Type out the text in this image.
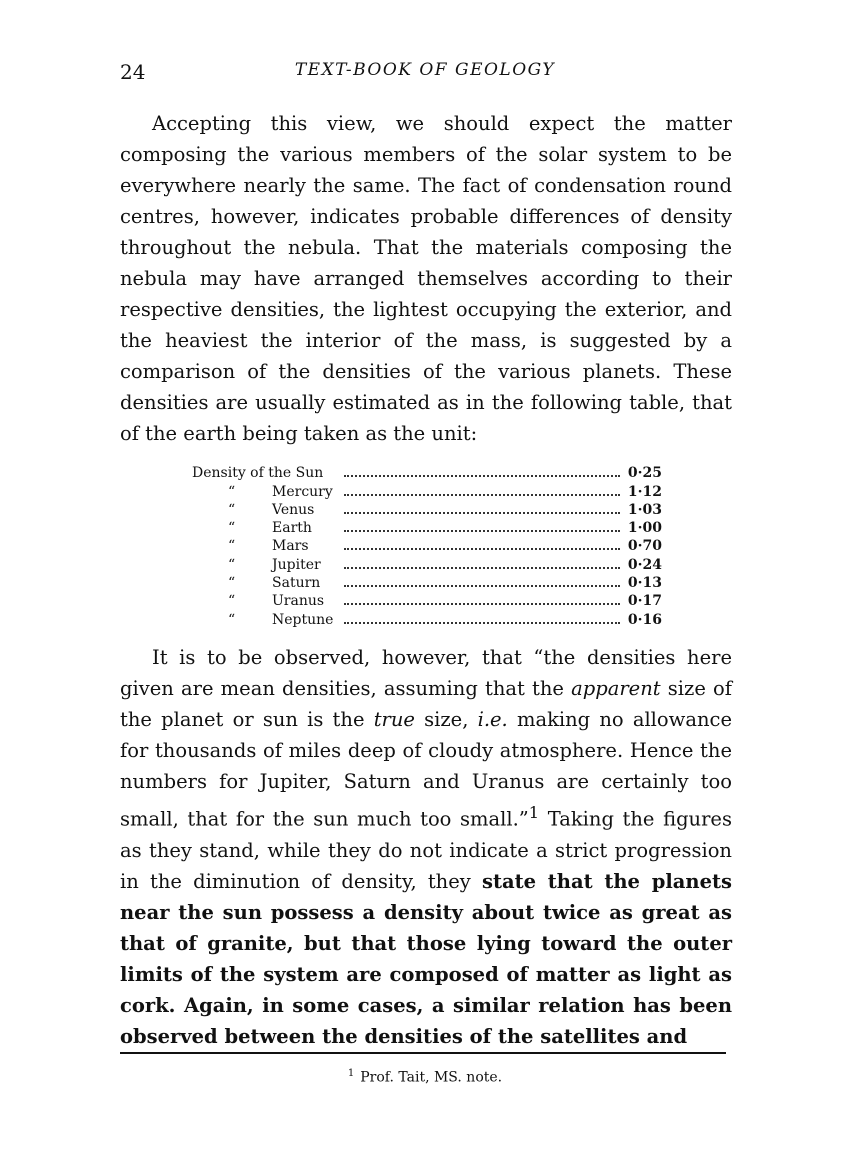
24	TEXT-BOOK OF GEOLOGY

Accepting this view, we should expect the matter composing the various members of the solar system to be everywhere nearly the same. The fact of condensation round centres, however, indicates probable differences of density throughout the nebula. That the materials composing the nebula may have arranged themselves according to their respective densities, the lightest occupying the exterior, and the heaviest the interior of the mass, is suggested by a comparison of the densities of the various planets. These densities are usually estimated as in the following table, that of the earth being taken as the unit:

Density of the Sun	0·25
“	Mercury	1·12
“	Venus	1·03
“	Earth	1·00
“	Mars	0·70
“	Jupiter	0·24
“	Saturn	0·13
“	Uranus	0·17
“	Neptune	0·16

It is to be observed, however, that “the densities here given are mean densities, assuming that the apparent size of the planet or sun is the true size, i.e. making no allowance for thousands of miles deep of cloudy atmosphere. Hence the numbers for Jupiter, Saturn and Uranus are certainly too small, that for the sun much too small.”$^1$ Taking the figures as they stand, while they do not indicate a strict progression in the diminution of density, they state that the planets near the sun possess a density about twice as great as that of granite, but that those lying toward the outer limits of the system are composed of matter as light as cork. Again, in some cases, a similar relation has been observed between the densities of the satellites and

$^1$ Prof. Tait, MS. note.
